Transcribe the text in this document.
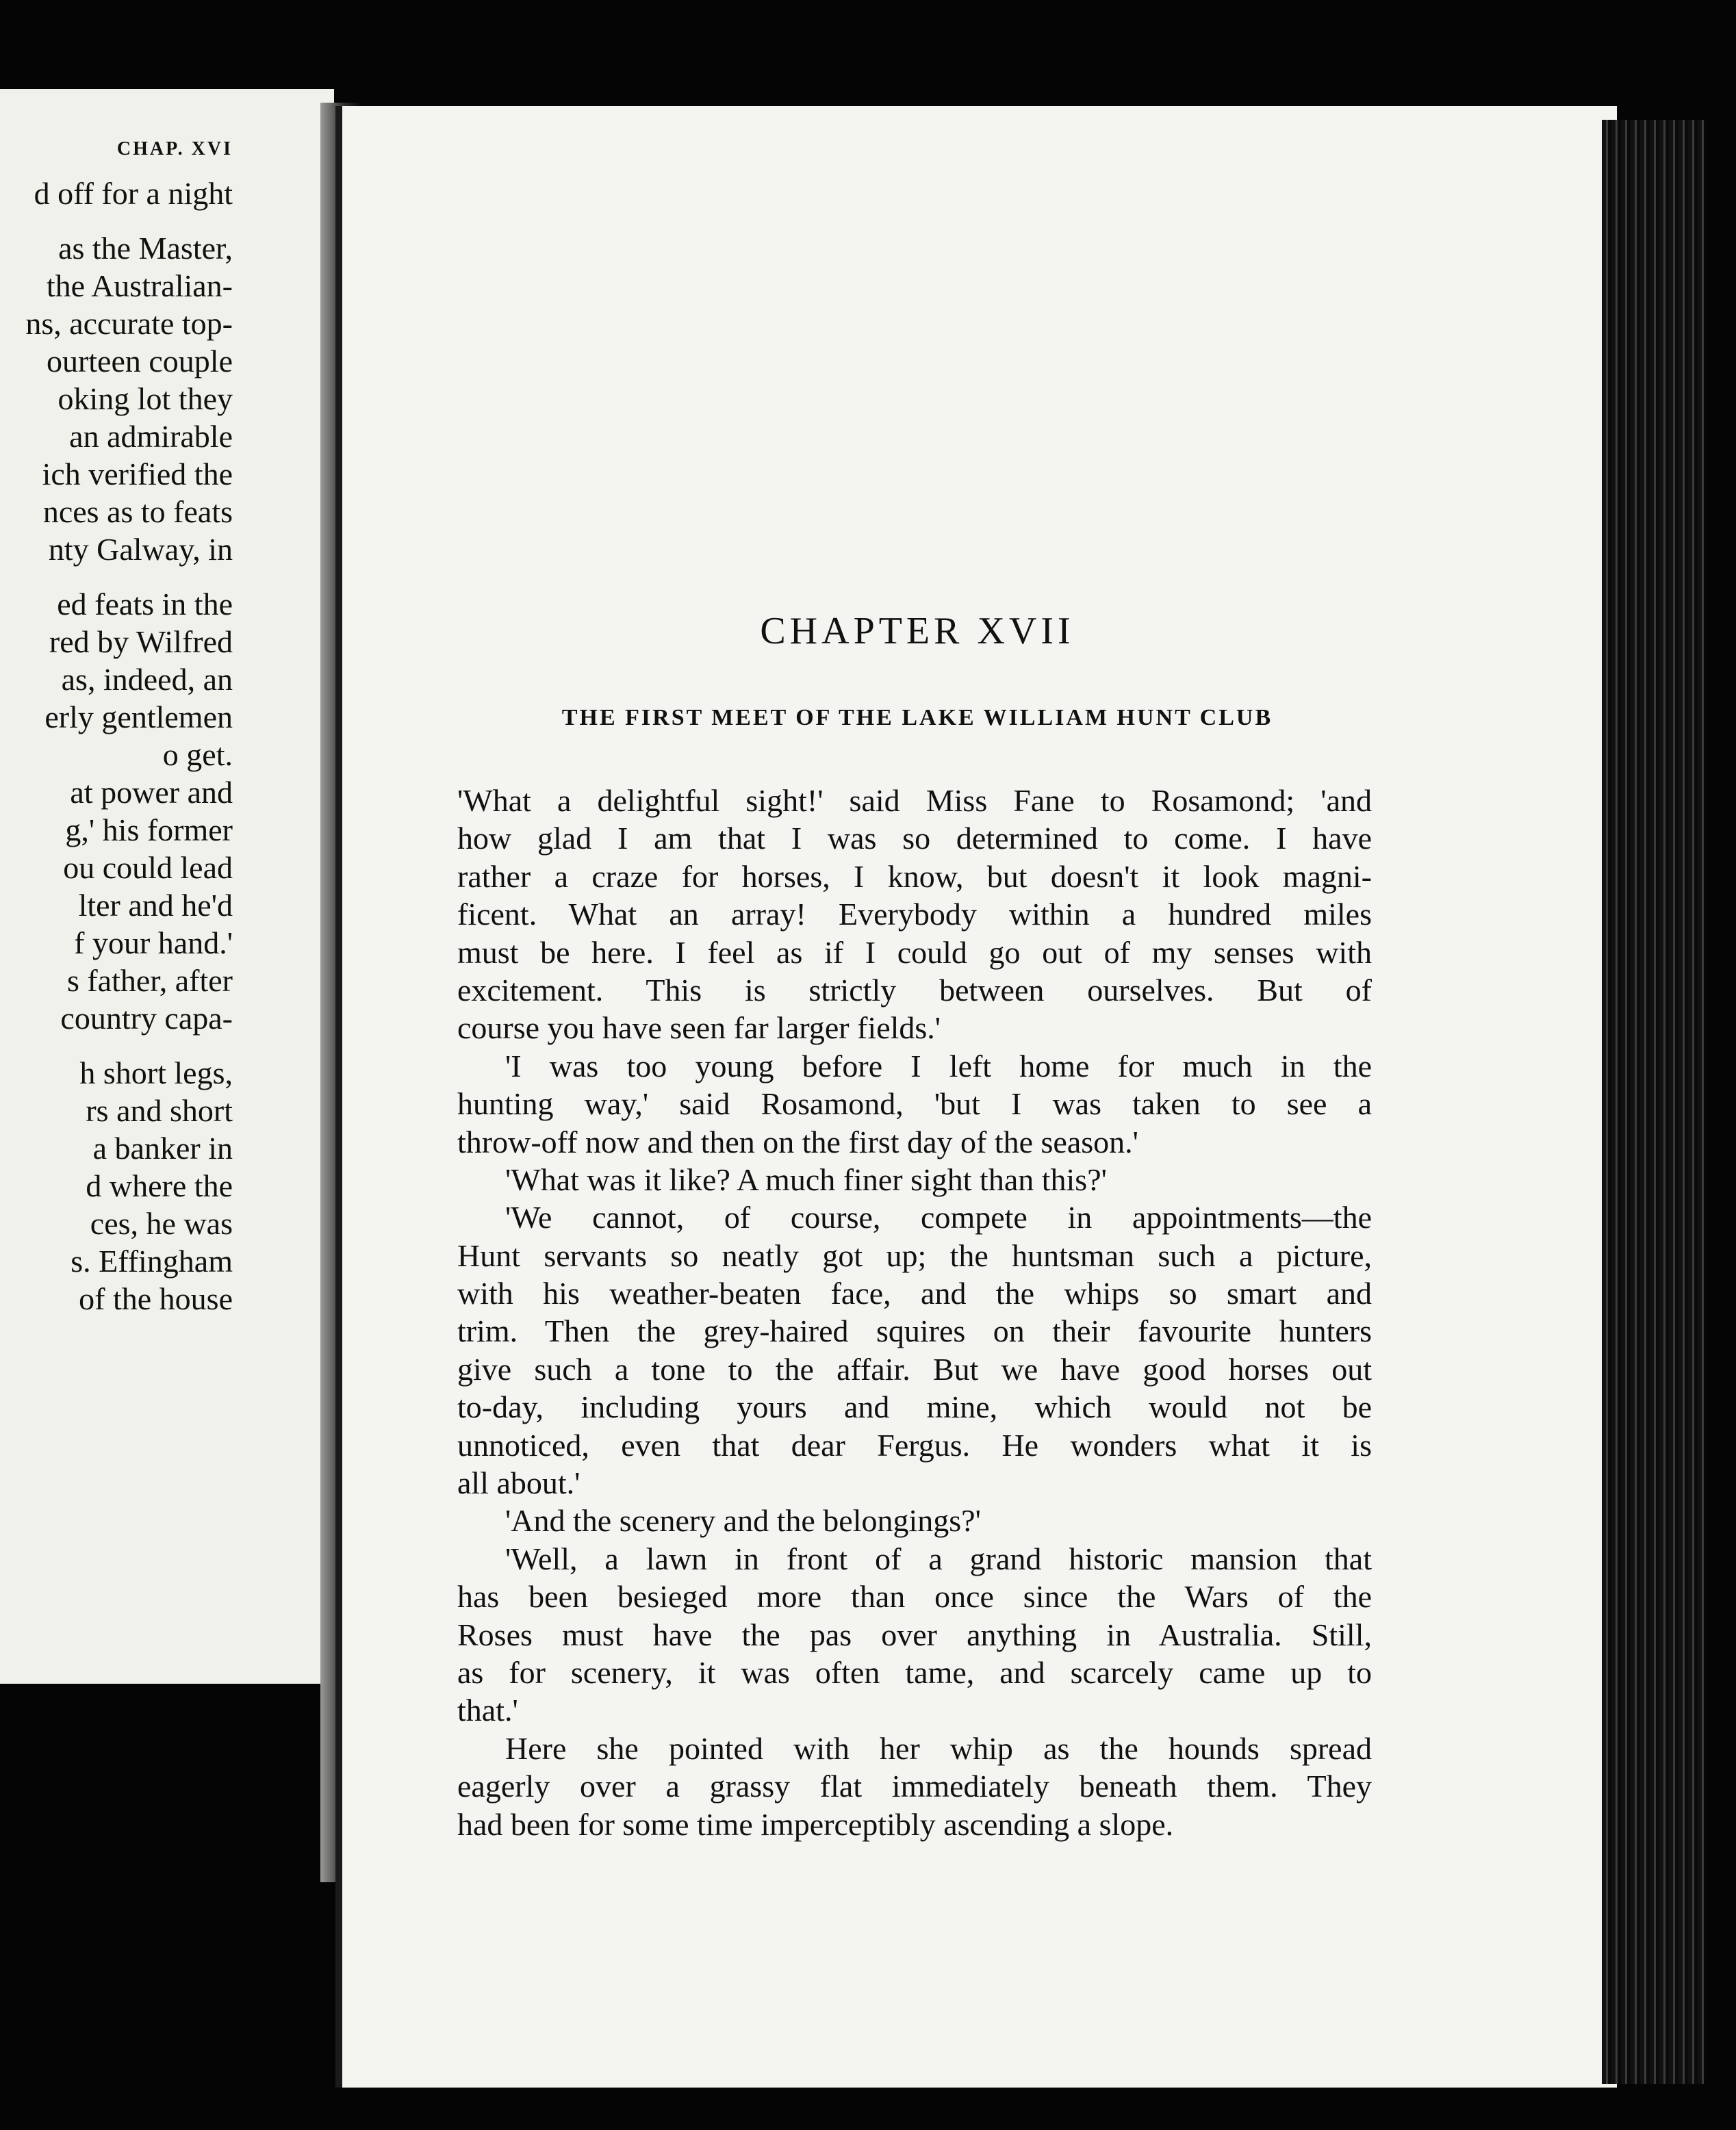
CHAP. XVI
d off for a night
as the Master,
the Australian-
ns, accurate top-
ourteen couple
oking lot they
an admirable
ich verified the
nces as to feats
nty Galway, in
ed feats in the
red by Wilfred
as, indeed, an
erly gentlemen
o get.
at power and
g,' his former
ou could lead
lter and he'd
f your hand.'
s father, after
country capa-
h short legs,
rs and short
a banker in
d where the
ces, he was
s. Effingham
of the house
CHAPTER XVII
THE FIRST MEET OF THE LAKE WILLIAM HUNT CLUB
'What a delightful sight!' said Miss Fane to Rosamond; 'and
how glad I am that I was so determined to come. I have
rather a craze for horses, I know, but doesn't it look magni-
ficent. What an array! Everybody within a hundred miles
must be here. I feel as if I could go out of my senses with
excitement. This is strictly between ourselves. But of
course you have seen far larger fields.'
'I was too young before I left home for much in the
hunting way,' said Rosamond, 'but I was taken to see a
throw-off now and then on the first day of the season.'
'What was it like? A much finer sight than this?'
'We cannot, of course, compete in appointments—the
Hunt servants so neatly got up; the huntsman such a picture,
with his weather-beaten face, and the whips so smart and
trim. Then the grey-haired squires on their favourite hunters
give such a tone to the affair. But we have good horses out
to-day, including yours and mine, which would not be
unnoticed, even that dear Fergus. He wonders what it is
all about.'
'And the scenery and the belongings?'
'Well, a lawn in front of a grand historic mansion that
has been besieged more than once since the Wars of the
Roses must have the pas over anything in Australia. Still,
as for scenery, it was often tame, and scarcely came up to
that.'
Here she pointed with her whip as the hounds spread
eagerly over a grassy flat immediately beneath them. They
had been for some time imperceptibly ascending a slope.
